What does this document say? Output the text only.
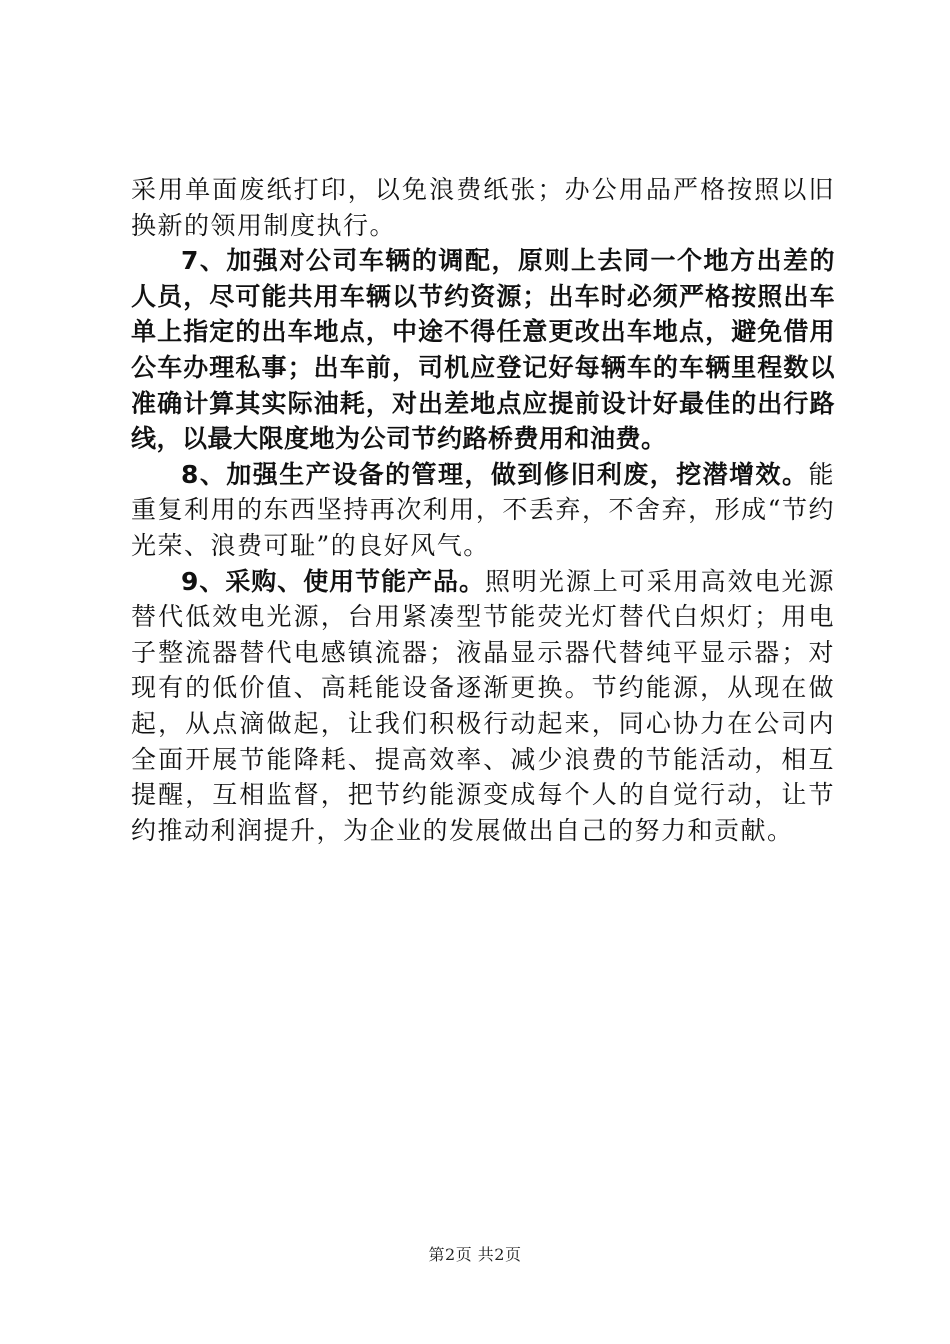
采用单面废纸打印，以免浪费纸张；办公用品严格按照以旧换新的领用制度执行。

7、加强对公司车辆的调配，原则上去同一个地方出差的人员，尽可能共用车辆以节约资源；出车时必须严格按照出车单上指定的出车地点，中途不得任意更改出车地点，避免借用公车办理私事；出车前，司机应登记好每辆车的车辆里程数以准确计算其实际油耗，对出差地点应提前设计好最佳的出行路线，以最大限度地为公司节约路桥费用和油费。

8、加强生产设备的管理，做到修旧利废，挖潜增效。能重复利用的东西坚持再次利用，不丢弃，不舍弃，形成“节约光荣、浪费可耻”的良好风气。

9、采购、使用节能产品。照明光源上可采用高效电光源替代低效电光源，台用紧凑型节能荧光灯替代白炽灯；用电子整流器替代电感镇流器；液晶显示器代替纯平显示器；对现有的低价值、高耗能设备逐渐更换。节约能源，从现在做起，从点滴做起，让我们积极行动起来，同心协力在公司内全面开展节能降耗、提高效率、减少浪费的节能活动，相互提醒，互相监督，把节约能源变成每个人的自觉行动，让节约推动利润提升，为企业的发展做出自己的努力和贡献。

第2页 共2页
